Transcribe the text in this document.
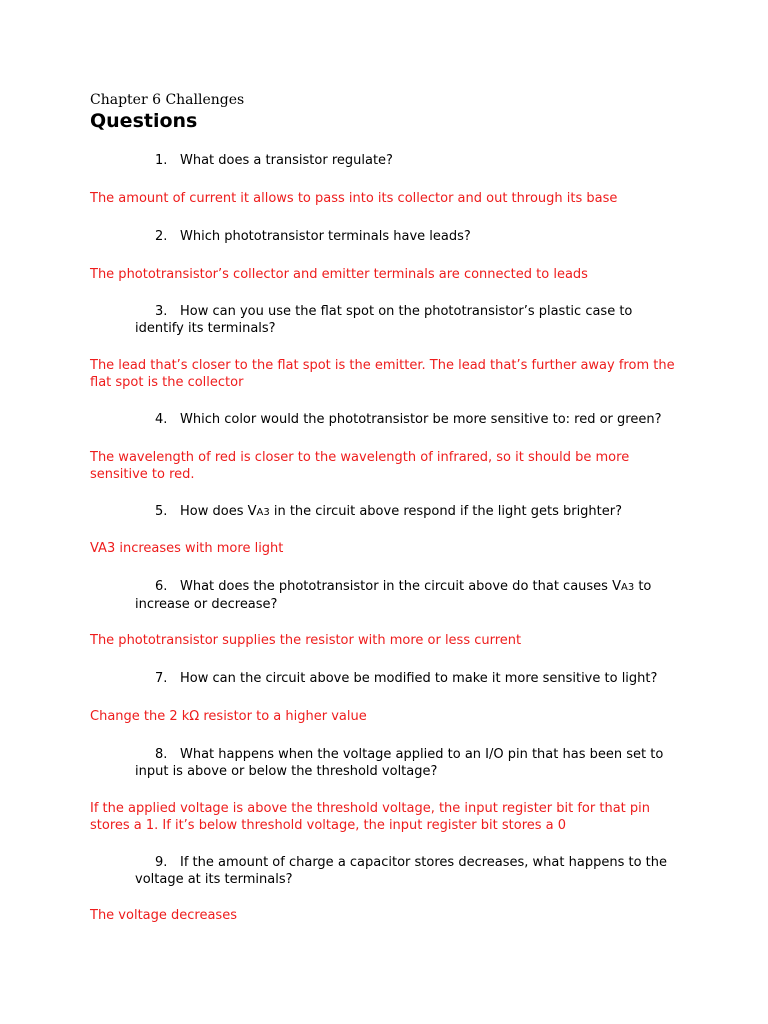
Chapter 6 Challenges
Questions
1. What does a transistor regulate?
The amount of current it allows to pass into its collector and out through its base
2. Which phototransistor terminals have leads?
The phototransistor’s collector and emitter terminals are connected to leads
3. How can you use the flat spot on the phototransistor’s plastic case to identify its terminals?
The lead that’s closer to the flat spot is the emitter. The lead that’s further away from the flat spot is the collector
4. Which color would the phototransistor be more sensitive to: red or green?
The wavelength of red is closer to the wavelength of infrared, so it should be more sensitive to red.
5. How does VA3 in the circuit above respond if the light gets brighter?
VA3 increases with more light
6. What does the phototransistor in the circuit above do that causes VA3 to increase or decrease?
The phototransistor supplies the resistor with more or less current
7. How can the circuit above be modified to make it more sensitive to light?
Change the 2 kΩ resistor to a higher value
8. What happens when the voltage applied to an I/O pin that has been set to input is above or below the threshold voltage?
If the applied voltage is above the threshold voltage, the input register bit for that pin stores a 1. If it’s below threshold voltage, the input register bit stores a 0
9. If the amount of charge a capacitor stores decreases, what happens to the voltage at its terminals?
The voltage decreases
